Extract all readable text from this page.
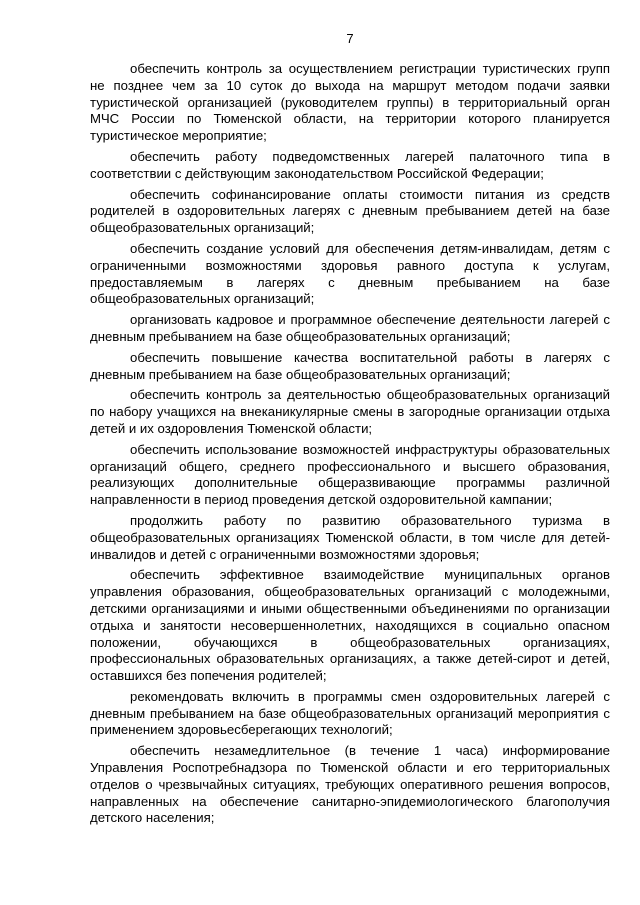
7

обеспечить контроль за осуществлением регистрации туристических групп не позднее чем за 10 суток до выхода на маршрут методом подачи заявки туристической организацией (руководителем группы) в территориальный орган МЧС России по Тюменской области, на территории которого планируется туристическое мероприятие;

обеспечить работу подведомственных лагерей палаточного типа в соответствии с действующим законодательством Российской Федерации;

обеспечить софинансирование оплаты стоимости питания из средств родителей в оздоровительных лагерях с дневным пребыванием детей на базе общеобразовательных организаций;

обеспечить создание условий для обеспечения детям-инвалидам, детям с ограниченными возможностями здоровья равного доступа к услугам, предоставляемым в лагерях с дневным пребыванием на базе общеобразовательных организаций;

организовать кадровое и программное обеспечение деятельности лагерей с дневным пребыванием на базе общеобразовательных организаций;

обеспечить повышение качества воспитательной работы в лагерях с дневным пребыванием на базе общеобразовательных организаций;

обеспечить контроль за деятельностью общеобразовательных организаций по набору учащихся на внеканикулярные смены в загородные организации отдыха детей и их оздоровления Тюменской области;

обеспечить использование возможностей инфраструктуры образовательных организаций общего, среднего профессионального и высшего образования, реализующих дополнительные общеразвивающие программы различной направленности в период проведения детской оздоровительной кампании;

продолжить работу по развитию образовательного туризма в общеобразовательных организациях Тюменской области, в том числе для детей-инвалидов и детей с ограниченными возможностями здоровья;

обеспечить эффективное взаимодействие муниципальных органов управления образования, общеобразовательных организаций с молодежными, детскими организациями и иными общественными объединениями по организации отдыха и занятости несовершеннолетних, находящихся в социально опасном положении, обучающихся в общеобразовательных организациях, профессиональных образовательных организациях, а также детей-сирот и детей, оставшихся без попечения родителей;

рекомендовать включить в программы смен оздоровительных лагерей с дневным пребыванием на базе общеобразовательных организаций мероприятия с применением здоровьесберегающих технологий;

обеспечить незамедлительное (в течение 1 часа) информирование Управления Роспотребнадзора по Тюменской области и его территориальных отделов о чрезвычайных ситуациях, требующих оперативного решения вопросов, направленных на обеспечение санитарно-эпидемиологического благополучия детского населения;
